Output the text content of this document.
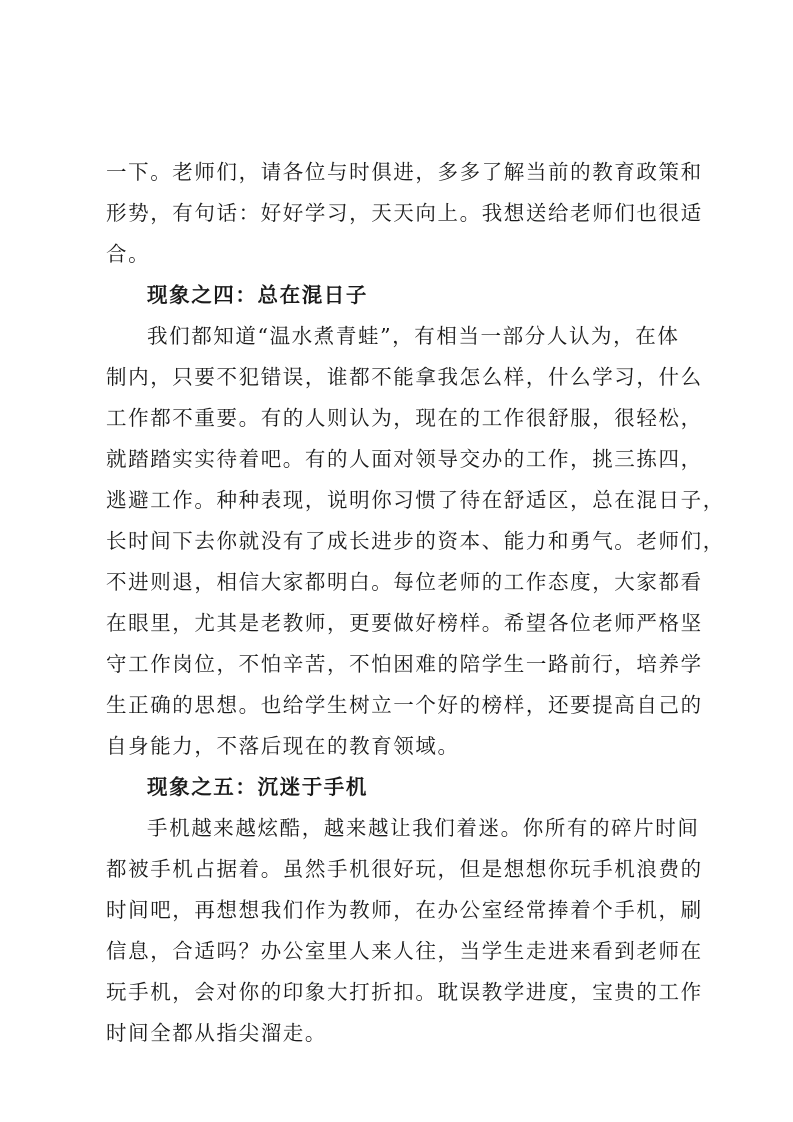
一下。老师们，请各位与时俱进，多多了解当前的教育政策和
形势，有句话：好好学习，天天向上。我想送给老师们也很适
合。
现象之四：总在混日子
我们都知道“温水煮青蛙”，有相当一部分人认为，在体
制内，只要不犯错误，谁都不能拿我怎么样，什么学习，什么
工作都不重要。有的人则认为，现在的工作很舒服，很轻松，
就踏踏实实待着吧。有的人面对领导交办的工作，挑三拣四，
逃避工作。种种表现，说明你习惯了待在舒适区，总在混日子，
长时间下去你就没有了成长进步的资本、能力和勇气。老师们，
不进则退，相信大家都明白。每位老师的工作态度，大家都看
在眼里，尤其是老教师，更要做好榜样。希望各位老师严格坚
守工作岗位，不怕辛苦，不怕困难的陪学生一路前行，培养学
生正确的思想。也给学生树立一个好的榜样，还要提高自己的
自身能力，不落后现在的教育领域。
现象之五：沉迷于手机
手机越来越炫酷，越来越让我们着迷。你所有的碎片时间
都被手机占据着。虽然手机很好玩，但是想想你玩手机浪费的
时间吧，再想想我们作为教师，在办公室经常捧着个手机，刷
信息，合适吗？办公室里人来人往，当学生走进来看到老师在
玩手机，会对你的印象大打折扣。耽误教学进度，宝贵的工作
时间全都从指尖溜走。
